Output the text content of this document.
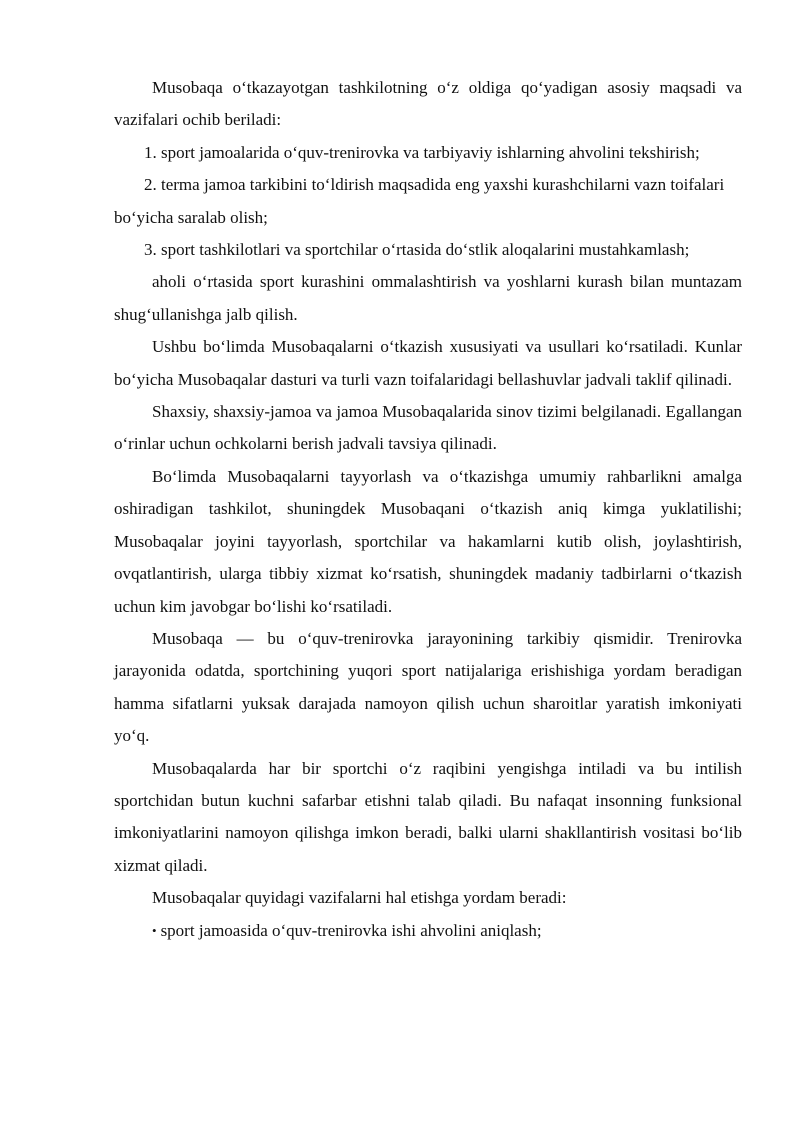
Musobaqa o‘tkazayotgan tashkilotning o‘z oldiga qo‘yadigan asosiy maqsadi va vazifalari ochib beriladi:

1. sport jamoalarida o‘quv-trenirovka va tarbiyaviy ishlarning ahvolini tekshirish;

2. terma jamoa tarkibini to‘ldirish maqsadida eng yaxshi kurashchilarni vazn toifalari bo‘yicha saralab olish;

3. sport tashkilotlari va sportchilar o‘rtasida do‘stlik aloqalarini mustahkamlash;

aholi o‘rtasida sport kurashini ommalashtirish va yoshlarni kurash bilan muntazam shug‘ullanishga jalb qilish.

Ushbu bo‘limda Musobaqalarni o‘tkazish xususiyati va usullari ko‘rsatiladi. Kunlar bo‘yicha Musobaqalar dasturi va turli vazn toifalaridagi bellashuvlar jadvali taklif qilinadi.

Shaxsiy, shaxsiy-jamoa va jamoa Musobaqalarida sinov tizimi belgilanadi. Egallangan o‘rinlar uchun ochkolarni berish jadvali tavsiya qilinadi.

Bo‘limda Musobaqalarni tayyorlash va o‘tkazishga umumiy rahbarlikni amalga oshiradigan tashkilot, shuningdek Musobaqani o‘tkazish aniq kimga yuklatilishi; Musobaqalar joyini tayyorlash, sportchilar va hakamlarni kutib olish, joylashtirish, ovqatlantirish, ularga tibbiy xizmat ko‘rsatish, shuningdek madaniy tadbirlarni o‘tkazish uchun kim javobgar bo‘lishi ko‘rsatiladi.

Musobaqa — bu o‘quv-trenirovka jarayonining tarkibiy qismidir. Trenirovka jarayonida odatda, sportchining yuqori sport natijalariga erishishiga yordam beradigan hamma sifatlarni yuksak darajada namoyon qilish uchun sharoitlar yaratish imkoniyati yo‘q.

Musobaqalarda har bir sportchi o‘z raqibini yengishga intiladi va bu intilish sportchidan butun kuchni safarbar etishni talab qiladi. Bu nafaqat insonning funksional imkoniyatlarini namoyon qilishga imkon beradi, balki ularni shakllantirish vositasi bo‘lib xizmat qiladi.

Musobaqalar quyidagi vazifalarni hal etishga yordam beradi:

• sport jamoasida o‘quv-trenirovka ishi ahvolini aniqlash;
